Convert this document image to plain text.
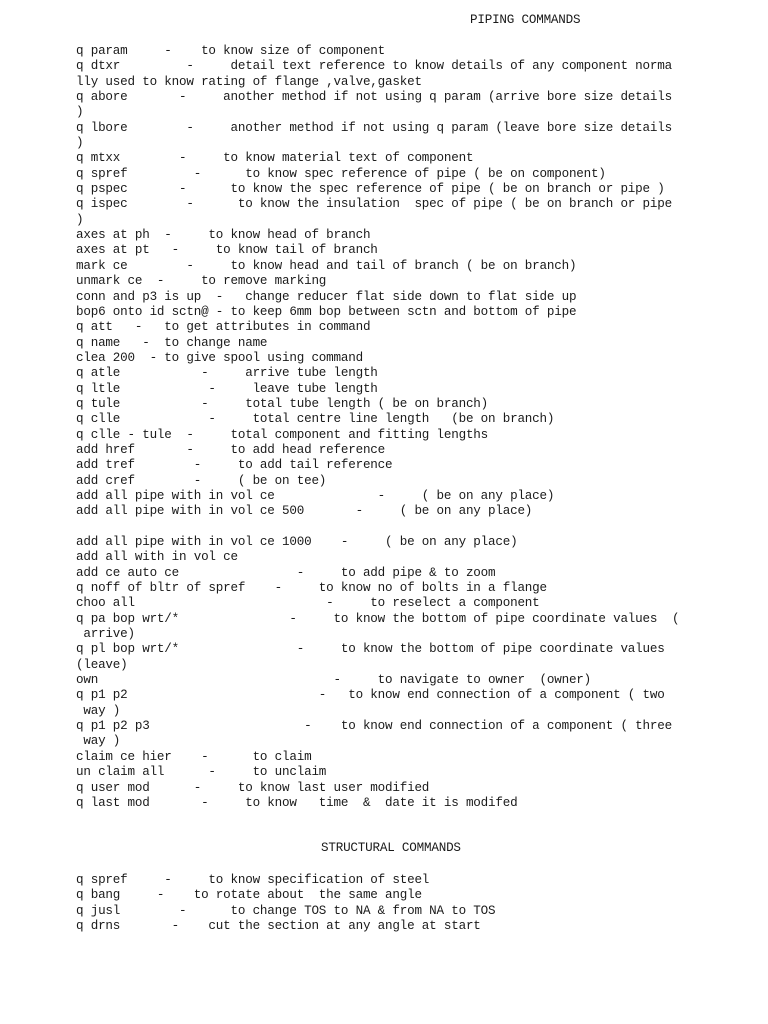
PIPING COMMANDS
q param     -    to know size of component
q dtxr         -     detail text reference to know details of any component norma
lly used to know rating of flange ,valve,gasket
q abore       -     another method if not using q param (arrive bore size details
)
q lbore        -     another method if not using q param (leave bore size details
)
q mtxx        -     to know material text of component
q spref         -      to know spec reference of pipe ( be on component)
q pspec       -      to know the spec reference of pipe ( be on branch or pipe )
q ispec        -      to know the insulation  spec of pipe ( be on branch or pipe
)
axes at ph  -     to know head of branch
axes at pt   -     to know tail of branch
mark ce        -     to know head and tail of branch ( be on branch)
unmark ce  -     to remove marking
conn and p3 is up  -   change reducer flat side down to flat side up
bop6 onto id sctn@ - to keep 6mm bop between sctn and bottom of pipe
q att   -   to get attributes in command
q name   -  to change name
clea 200  - to give spool using command
q atle           -     arrive tube length
q ltle            -     leave tube length
q tule           -     total tube length ( be on branch)
q clle            -     total centre line length   (be on branch)
q clle - tule  -     total component and fitting lengths
add href       -     to add head reference
add tref        -     to add tail reference
add cref        -     ( be on tee)
add all pipe with in vol ce              -     ( be on any place)
add all pipe with in vol ce 500       -     ( be on any place)
add all pipe with in vol ce 1000    -     ( be on any place)
add all with in vol ce
add ce auto ce                -     to add pipe & to zoom
q noff of bltr of spref    -     to know no of bolts in a flange
choo all                          -     to reselect a component
q pa bop wrt/*               -     to know the bottom of pipe coordinate values  (
arrive)
q pl bop wrt/*                -     to know the bottom of pipe coordinate values
(leave)
own                                -     to navigate to owner  (owner)
q p1 p2                          -   to know end connection of a component ( two
way )
q p1 p2 p3                     -    to know end connection of a component ( three
way )
claim ce hier    -      to claim
un claim all      -     to unclaim
q user mod      -     to know last user modified
q last mod       -     to know   time  &  date it is modifed
STRUCTURAL COMMANDS
q spref     -     to know specification of steel
q bang     -    to rotate about  the same angle
q jusl        -      to change TOS to NA & from NA to TOS
q drns       -    cut the section at any angle at start
